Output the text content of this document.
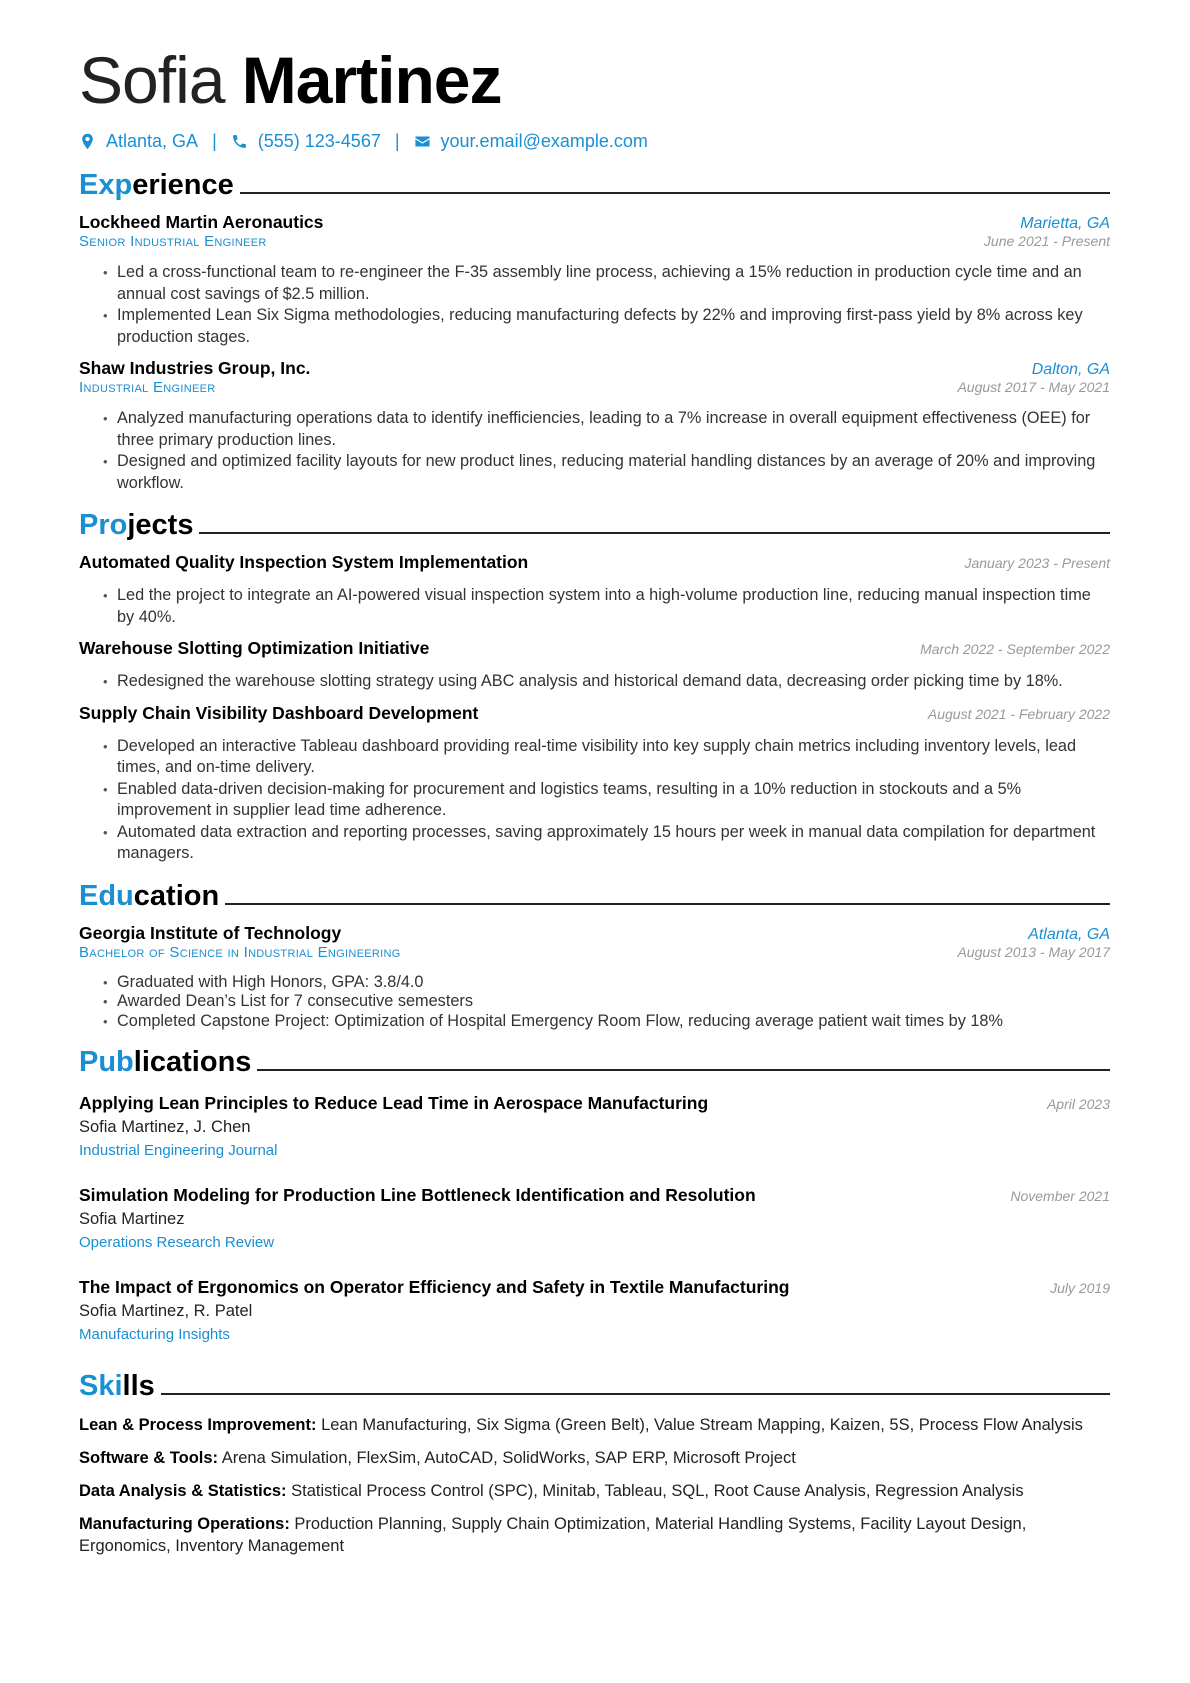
Sofia Martinez
Atlanta, GA | (555) 123-4567 | your.email@example.com
Experience
Lockheed Martin Aeronautics	Marietta, GA
Senior Industrial Engineer	June 2021 - Present
• Led a cross-functional team to re-engineer the F-35 assembly line process, achieving a 15% reduction in production cycle time and an annual cost savings of $2.5 million.
• Implemented Lean Six Sigma methodologies, reducing manufacturing defects by 22% and improving first-pass yield by 8% across key production stages.
Shaw Industries Group, Inc.	Dalton, GA
Industrial Engineer	August 2017 - May 2021
• Analyzed manufacturing operations data to identify inefficiencies, leading to a 7% increase in overall equipment effectiveness (OEE) for three primary production lines.
• Designed and optimized facility layouts for new product lines, reducing material handling distances by an average of 20% and improving workflow.
Projects
Automated Quality Inspection System Implementation	January 2023 - Present
• Led the project to integrate an AI-powered visual inspection system into a high-volume production line, reducing manual inspection time by 40%.
Warehouse Slotting Optimization Initiative	March 2022 - September 2022
• Redesigned the warehouse slotting strategy using ABC analysis and historical demand data, decreasing order picking time by 18%.
Supply Chain Visibility Dashboard Development	August 2021 - February 2022
• Developed an interactive Tableau dashboard providing real-time visibility into key supply chain metrics including inventory levels, lead times, and on-time delivery.
• Enabled data-driven decision-making for procurement and logistics teams, resulting in a 10% reduction in stockouts and a 5% improvement in supplier lead time adherence.
• Automated data extraction and reporting processes, saving approximately 15 hours per week in manual data compilation for department managers.
Education
Georgia Institute of Technology	Atlanta, GA
Bachelor of Science in Industrial Engineering	August 2013 - May 2017
• Graduated with High Honors, GPA: 3.8/4.0
• Awarded Dean’s List for 7 consecutive semesters
• Completed Capstone Project: Optimization of Hospital Emergency Room Flow, reducing average patient wait times by 18%
Publications
Applying Lean Principles to Reduce Lead Time in Aerospace Manufacturing	April 2023
Sofia Martinez, J. Chen
Industrial Engineering Journal
Simulation Modeling for Production Line Bottleneck Identification and Resolution	November 2021
Sofia Martinez
Operations Research Review
The Impact of Ergonomics on Operator Efficiency and Safety in Textile Manufacturing	July 2019
Sofia Martinez, R. Patel
Manufacturing Insights
Skills
Lean & Process Improvement: Lean Manufacturing, Six Sigma (Green Belt), Value Stream Mapping, Kaizen, 5S, Process Flow Analysis
Software & Tools: Arena Simulation, FlexSim, AutoCAD, SolidWorks, SAP ERP, Microsoft Project
Data Analysis & Statistics: Statistical Process Control (SPC), Minitab, Tableau, SQL, Root Cause Analysis, Regression Analysis
Manufacturing Operations: Production Planning, Supply Chain Optimization, Material Handling Systems, Facility Layout Design, Ergonomics, Inventory Management
